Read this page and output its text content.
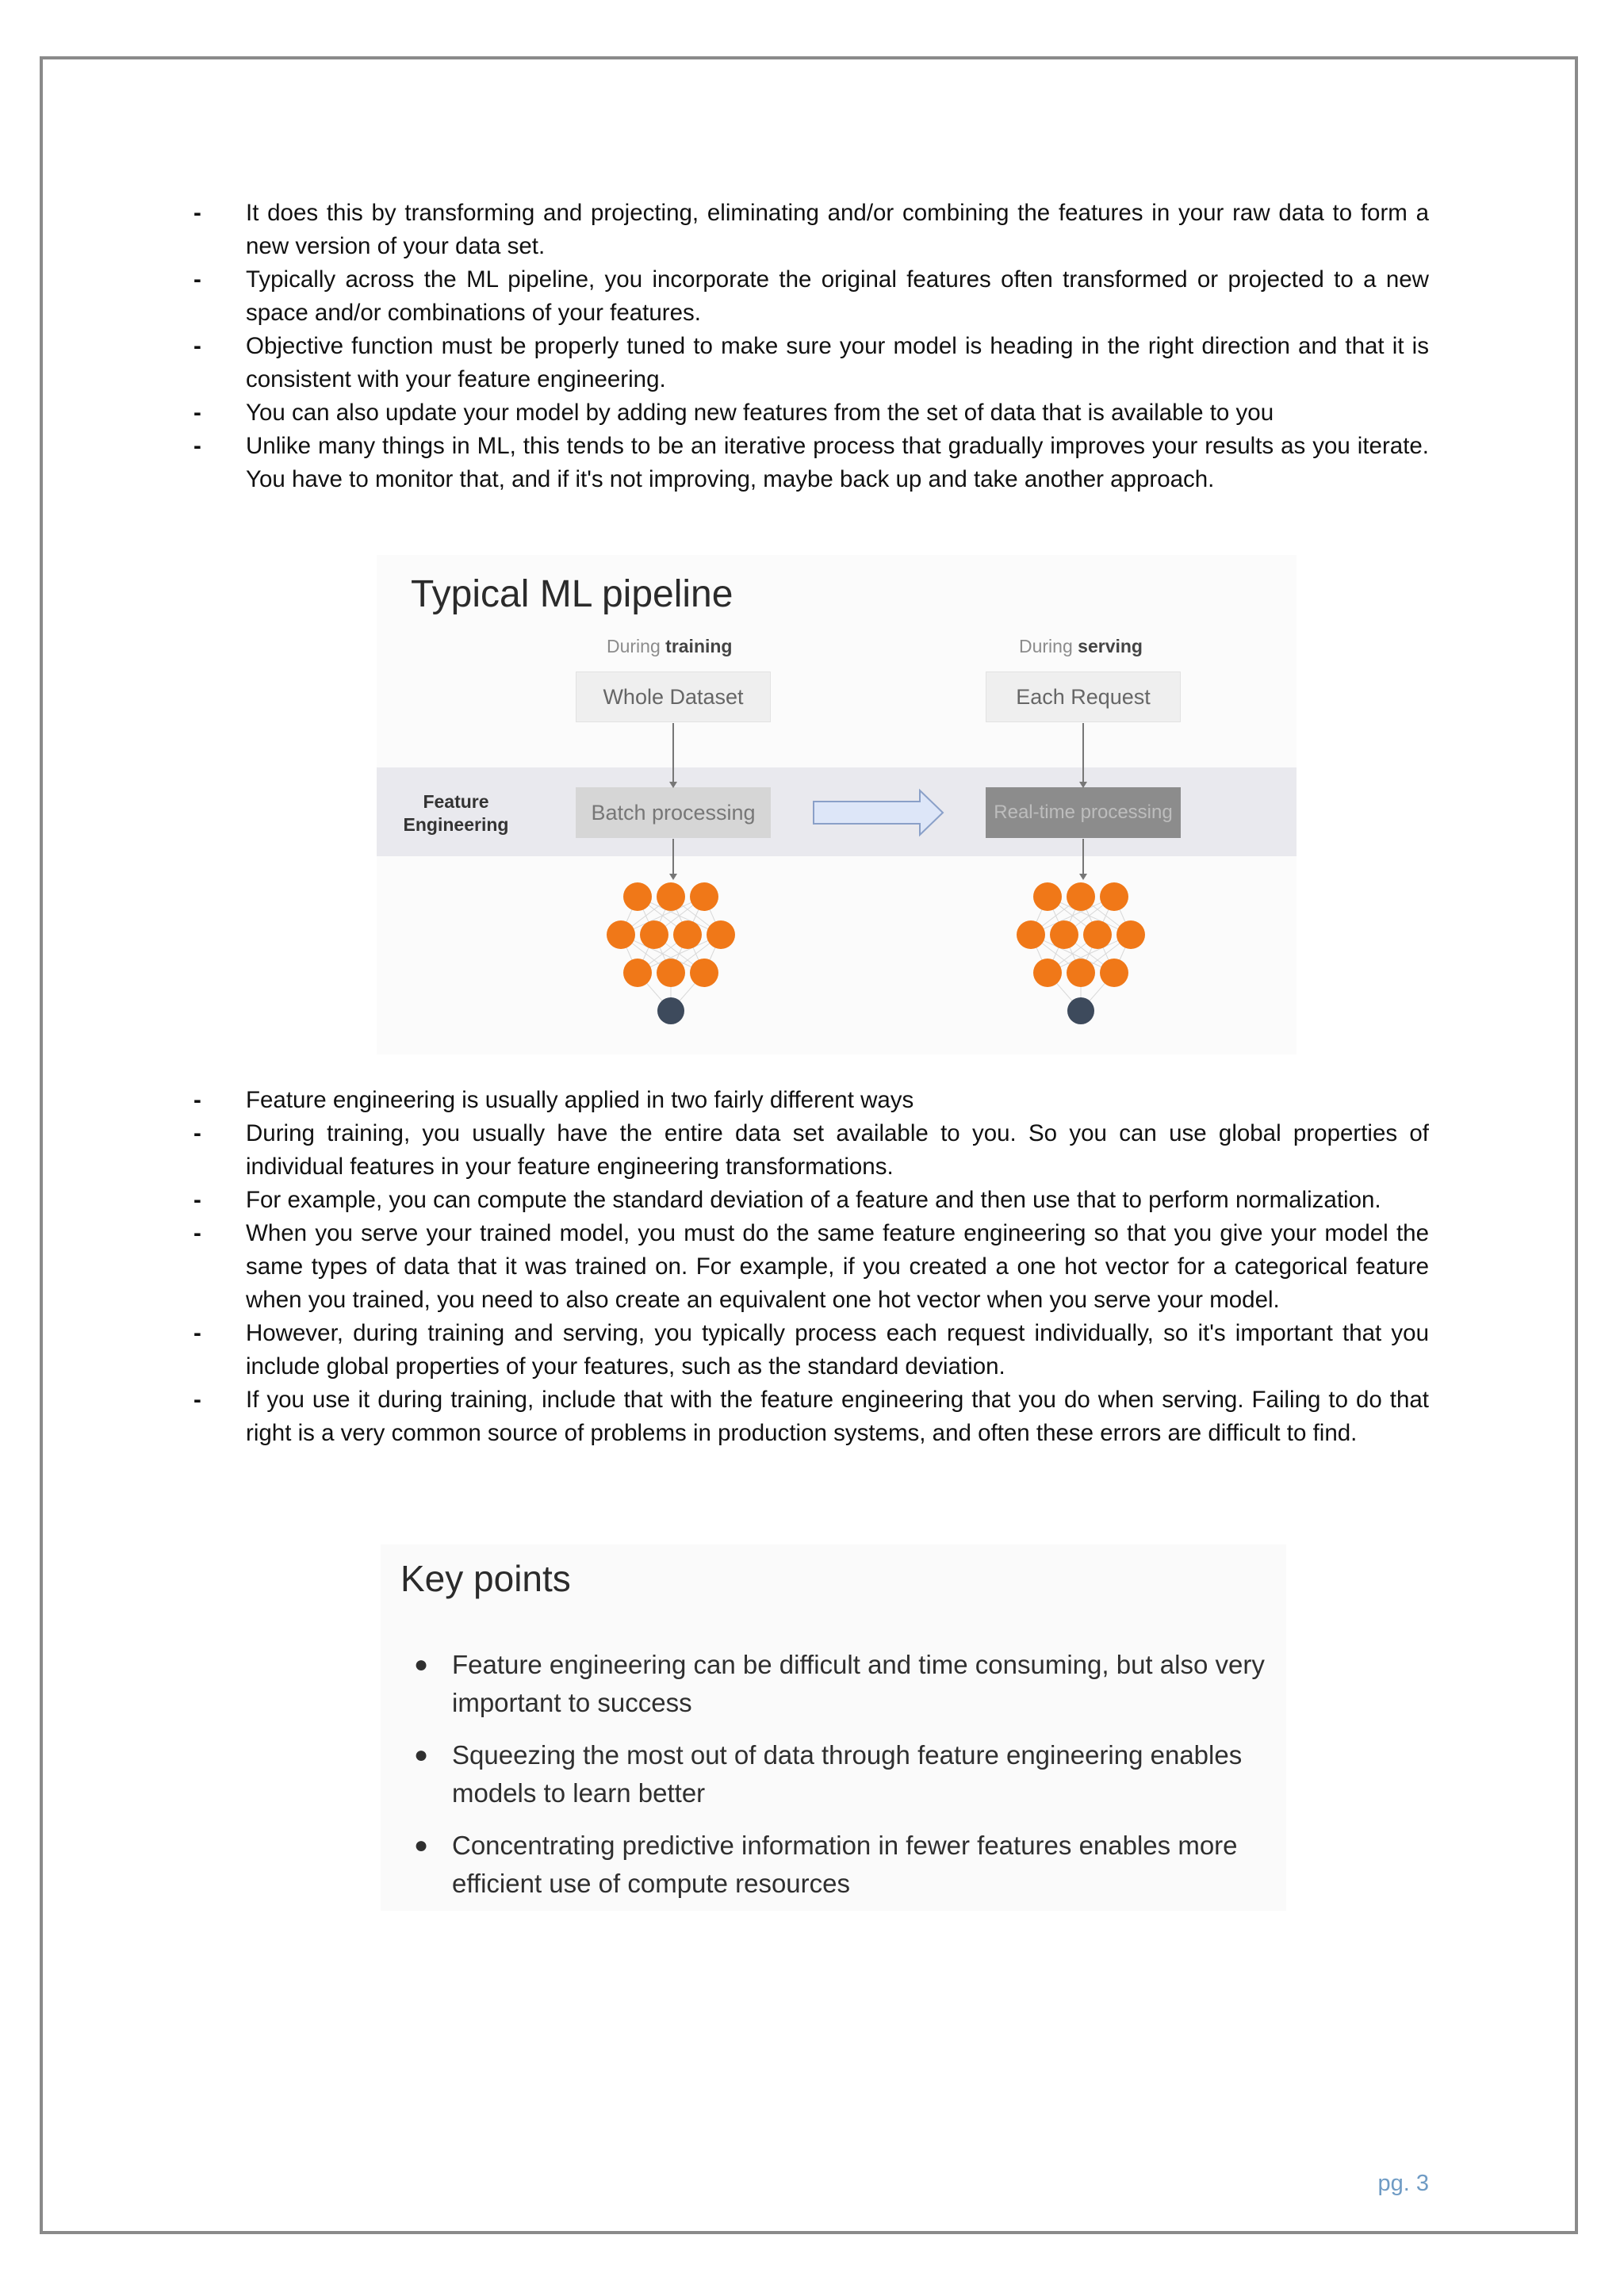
- It does this by transforming and projecting, eliminating and/or combining the features in your raw data to form a new version of your data set.
- Typically across the ML pipeline, you incorporate the original features often transformed or projected to a new space and/or combinations of your features.
- Objective function must be properly tuned to make sure your model is heading in the right direction and that it is consistent with your feature engineering.
- You can also update your model by adding new features from the set of data that is available to you
- Unlike many things in ML, this tends to be an iterative process that gradually improves your results as you iterate. You have to monitor that, and if it's not improving, maybe back up and take another approach.
Typical ML pipeline
During training	During serving
Whole Dataset	Each Request
Feature Engineering
Batch processing	Real-time processing
- Feature engineering is usually applied in two fairly different ways
- During training, you usually have the entire data set available to you. So you can use global properties of individual features in your feature engineering transformations.
- For example, you can compute the standard deviation of a feature and then use that to perform normalization.
- When you serve your trained model, you must do the same feature engineering so that you give your model the same types of data that it was trained on. For example, if you created a one hot vector for a categorical feature when you trained, you need to also create an equivalent one hot vector when you serve your model.
- However, during training and serving, you typically process each request individually, so it's important that you include global properties of your features, such as the standard deviation.
- If you use it during training, include that with the feature engineering that you do when serving. Failing to do that right is a very common source of problems in production systems, and often these errors are difficult to find.
Key points
● Feature engineering can be difficult and time consuming, but also very important to success
● Squeezing the most out of data through feature engineering enables models to learn better
● Concentrating predictive information in fewer features enables more efficient use of compute resources
pg. 3
